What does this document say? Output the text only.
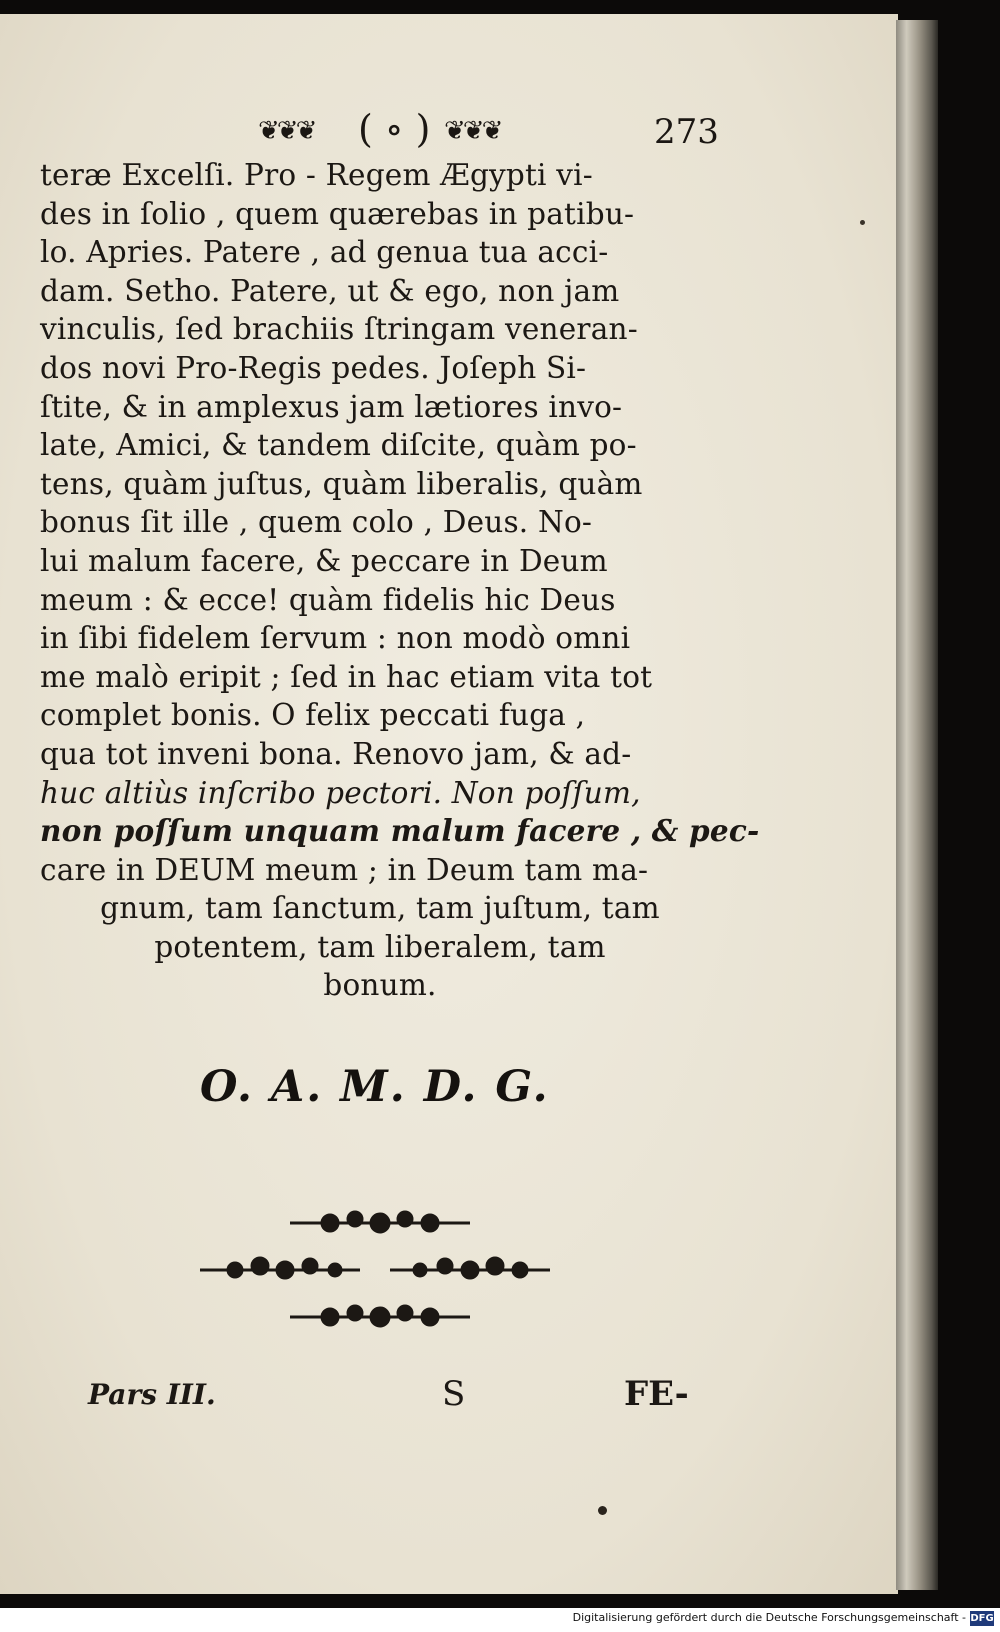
❦❦❦ ( ∘ ) ❦❦❦	273
teræ Excelſi. Pro - Regem Ægypti vi-
des in ſolio , quem quærebas in patibu-
lo. Apries. Patere , ad genua tua acci-
dam. Setho. Patere, ut & ego, non jam
vinculis, ſed brachiis ſtringam veneran-
dos novi Pro-Regis pedes. Joſeph Si-
ſtite, & in amplexus jam lætiores invo-
late, Amici, & tandem diſcite, quàm po-
tens, quàm juſtus, quàm liberalis, quàm
bonus ſit ille , quem colo , Deus. No-
lui malum facere, & peccare in Deum
meum : & ecce! quàm fidelis hic Deus
in ſibi fidelem ſervum : non modò omni
me malò eripit ; ſed in hac etiam vita tot
complet bonis. O felix peccati fuga ,
qua tot inveni bona. Renovo jam, & ad-
huc altiùs inſcribo pectori. Non poſſum,
non poſſum unquam malum facere , & pec-
care in DEUM meum ; in Deum tam ma-
gnum, tam ſanctum, tam juſtum, tam
potentem, tam liberalem, tam
bonum.
O. A. M. D. G.
Pars III.	S	FE-
Digitalisierung gefördert durch die Deutsche Forschungsgemeinschaft - DFG
